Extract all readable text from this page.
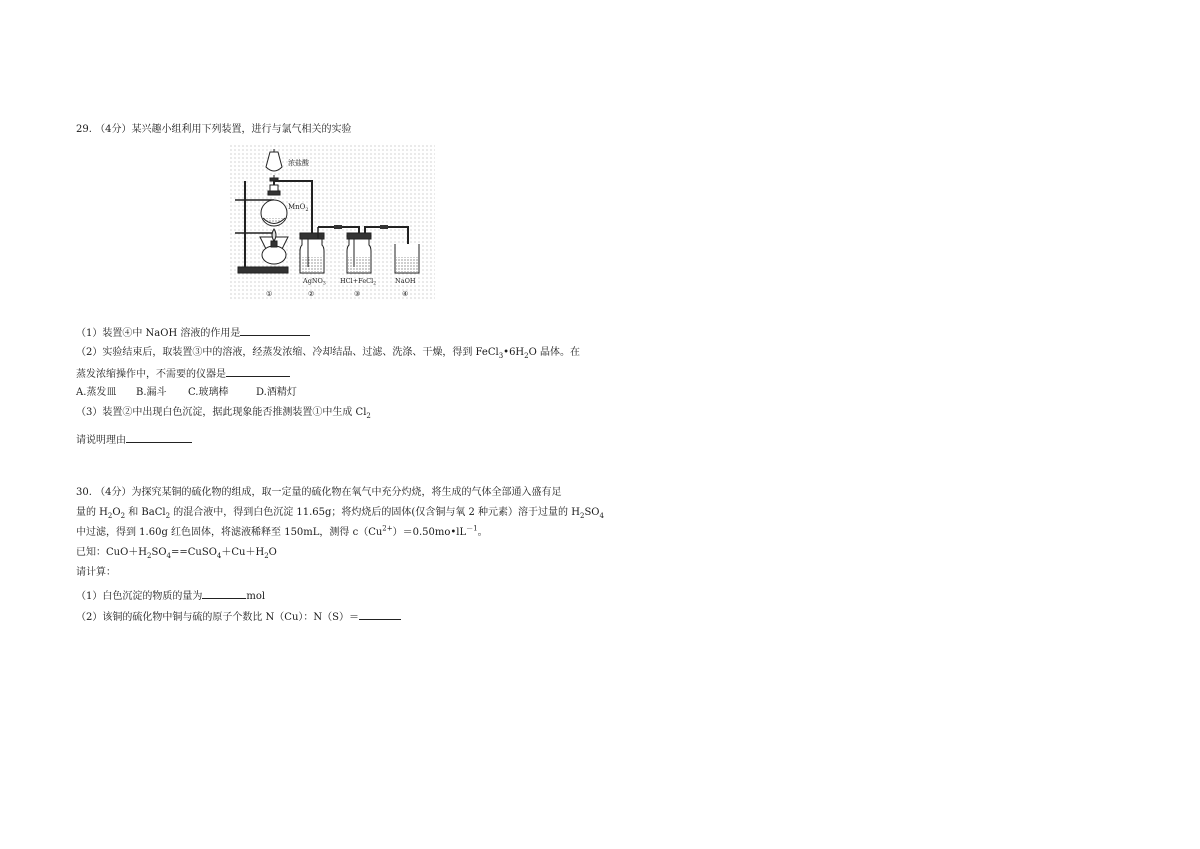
29. （4分）某兴趣小组利用下列装置，进行与氯气相关的实验
浓盐酸
MnO$_2$
AgNO$_3$ HCl+FeCl$_2$	NaOH
①	②	③	④
（1）装置④中 NaOH 溶液的作用是
（2）实验结束后，取装置③中的溶液，经蒸发浓缩、冷却结晶、过滤、洗涤、干燥，得到 $FeCl_3•6H_2O$ 晶体。在
蒸发浓缩操作中，不需要的仪器是
A.蒸发皿 B.漏斗 C.玻璃棒	D.酒精灯
（3）装置②中出现白色沉淀，据此现象能否推测装置①中生成 $Cl_2$
请说明理由
30. （4分）为探究某铜的硫化物的组成，取一定量的硫化物在氧气中充分灼烧，将生成的气体全部通入盛有足
量的 $H_2O_2$ 和 BaCl$_2$ 的混合液中，得到白色沉淀 11.65g；将灼烧后的固体(仅含铜与氧 2 种元素）溶于过量的 $H_2SO_4$
中过滤，得到 1.60g 红色固体，将滤液稀释至 150mL，测得 $c(Cu^{2+})=0.50mo•lL^{-1}$。
已知：$CuO+H_2SO_4==CuSO_4+Cu+H_2O$
请计算：
（1）白色沉淀的物质的量为	mol
（2）该铜的硫化物中铜与硫的原子个数比 N（Cu）：N（S）＝
